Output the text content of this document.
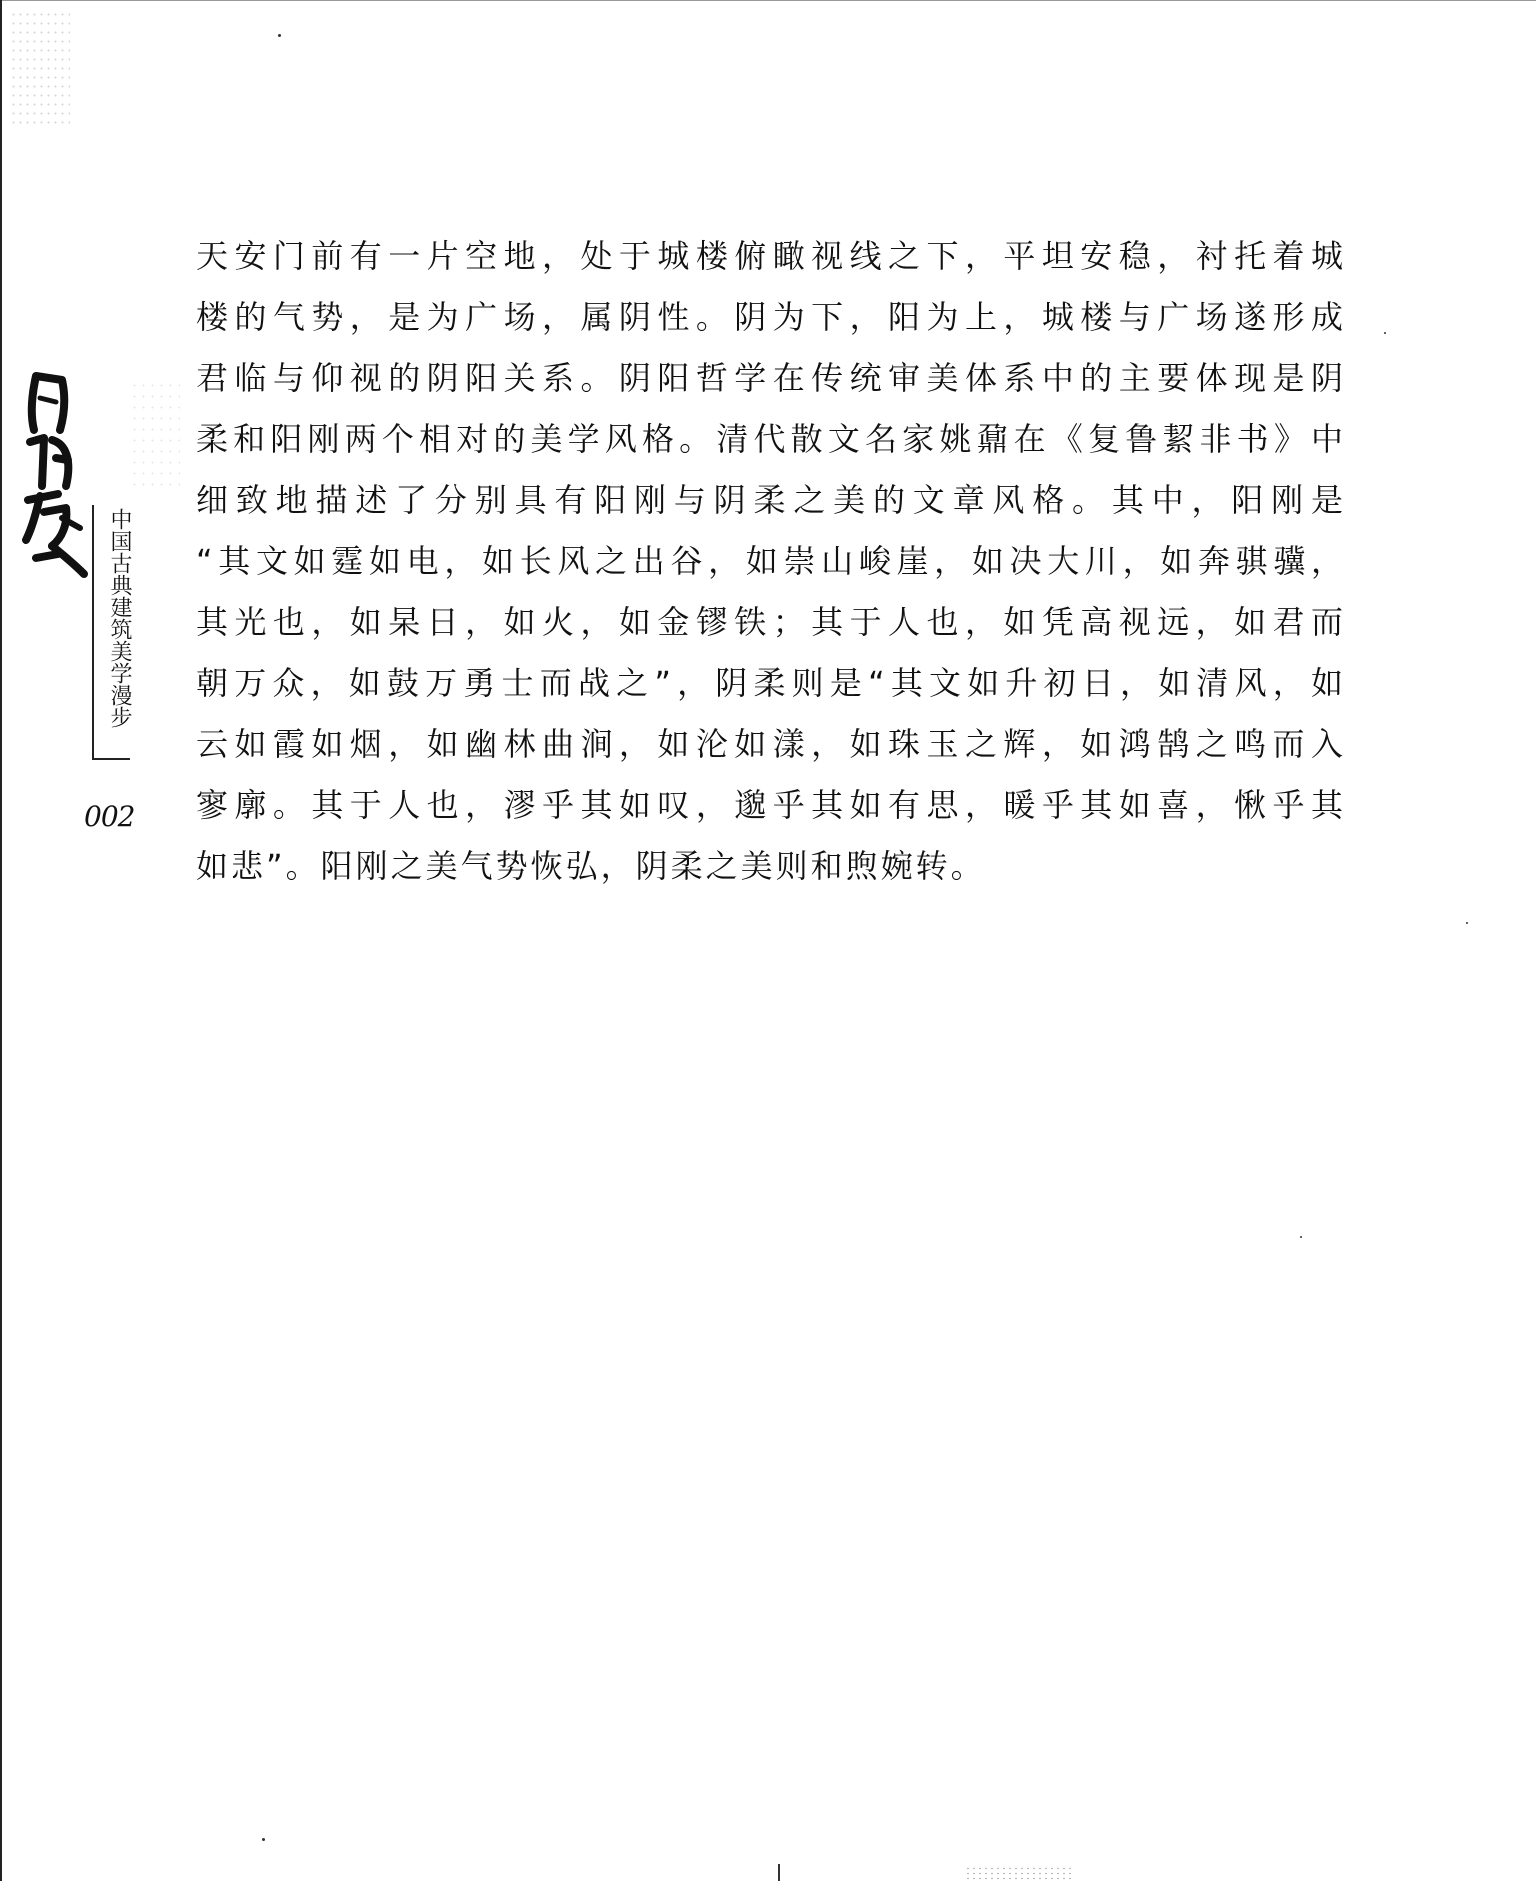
中国古典建筑美学漫步
002
天安门前有一片空地，处于城楼俯瞰视线之下，平坦安稳，衬托着城
楼的气势，是为广场，属阴性。阴为下，阳为上，城楼与广场遂形成
君临与仰视的阴阳关系。阴阳哲学在传统审美体系中的主要体现是阴
柔和阳刚两个相对的美学风格。清代散文名家姚鼐在《复鲁絜非书》中
细致地描述了分别具有阳刚与阴柔之美的文章风格。其中，阳刚是
“其文如霆如电，如长风之出谷，如崇山峻崖，如决大川，如奔骐骥，
其光也，如杲日，如火，如金镠铁；其于人也，如凭高视远，如君而
朝万众，如鼓万勇士而战之”，阴柔则是“其文如升初日，如清风，如
云如霞如烟，如幽林曲涧，如沦如漾，如珠玉之辉，如鸿鹄之鸣而入
寥廓。其于人也，漻乎其如叹，邈乎其如有思，暖乎其如喜，愀乎其
如悲”。阳刚之美气势恢弘，阴柔之美则和煦婉转。
